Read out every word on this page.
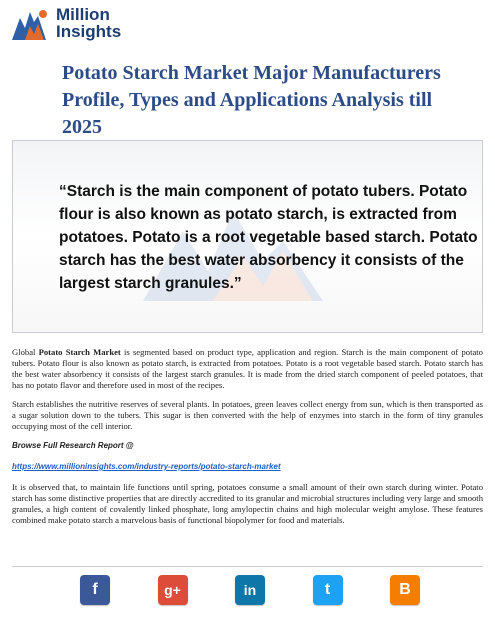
Million
Insights
Potato Starch Market Major Manufacturers Profile, Types and Applications Analysis till 2025

“Starch is the main component of potato tubers. Potato flour is also known as potato starch, is extracted from potatoes. Potato is a root vegetable based starch. Potato starch has the best water absorbency it consists of the largest starch granules.”

Global Potato Starch Market is segmented based on product type, application and region. Starch is the main component of potato tubers. Potato flour is also known as potato starch, is extracted from potatoes. Potato is a root vegetable based starch. Potato starch has the best water absorbency it consists of the largest starch granules. It is made from the dried starch component of peeled potatoes, that has no potato flavor and therefore used in most of the recipes.

Starch establishes the nutritive reserves of several plants. In potatoes, green leaves collect energy from sun, which is then transported as a sugar solution down to the tubers. This sugar is then converted with the help of enzymes into starch in the form of tiny granules occupying most of the cell interior.

Browse Full Research Report @
https://www.millioninsights.com/industry-reports/potato-starch-market

It is observed that, to maintain life functions until spring, potatoes consume a small amount of their own starch during winter. Potato starch has some distinctive properties that are directly accredited to its granular and microbial structures including very large and smooth granules, a high content of covalently linked phosphate, long amylopectin chains and high molecular weight amylose. These features combined make potato starch a marvelous basis of functional biopolymer for food and materials.

f	g+	in	t	B
